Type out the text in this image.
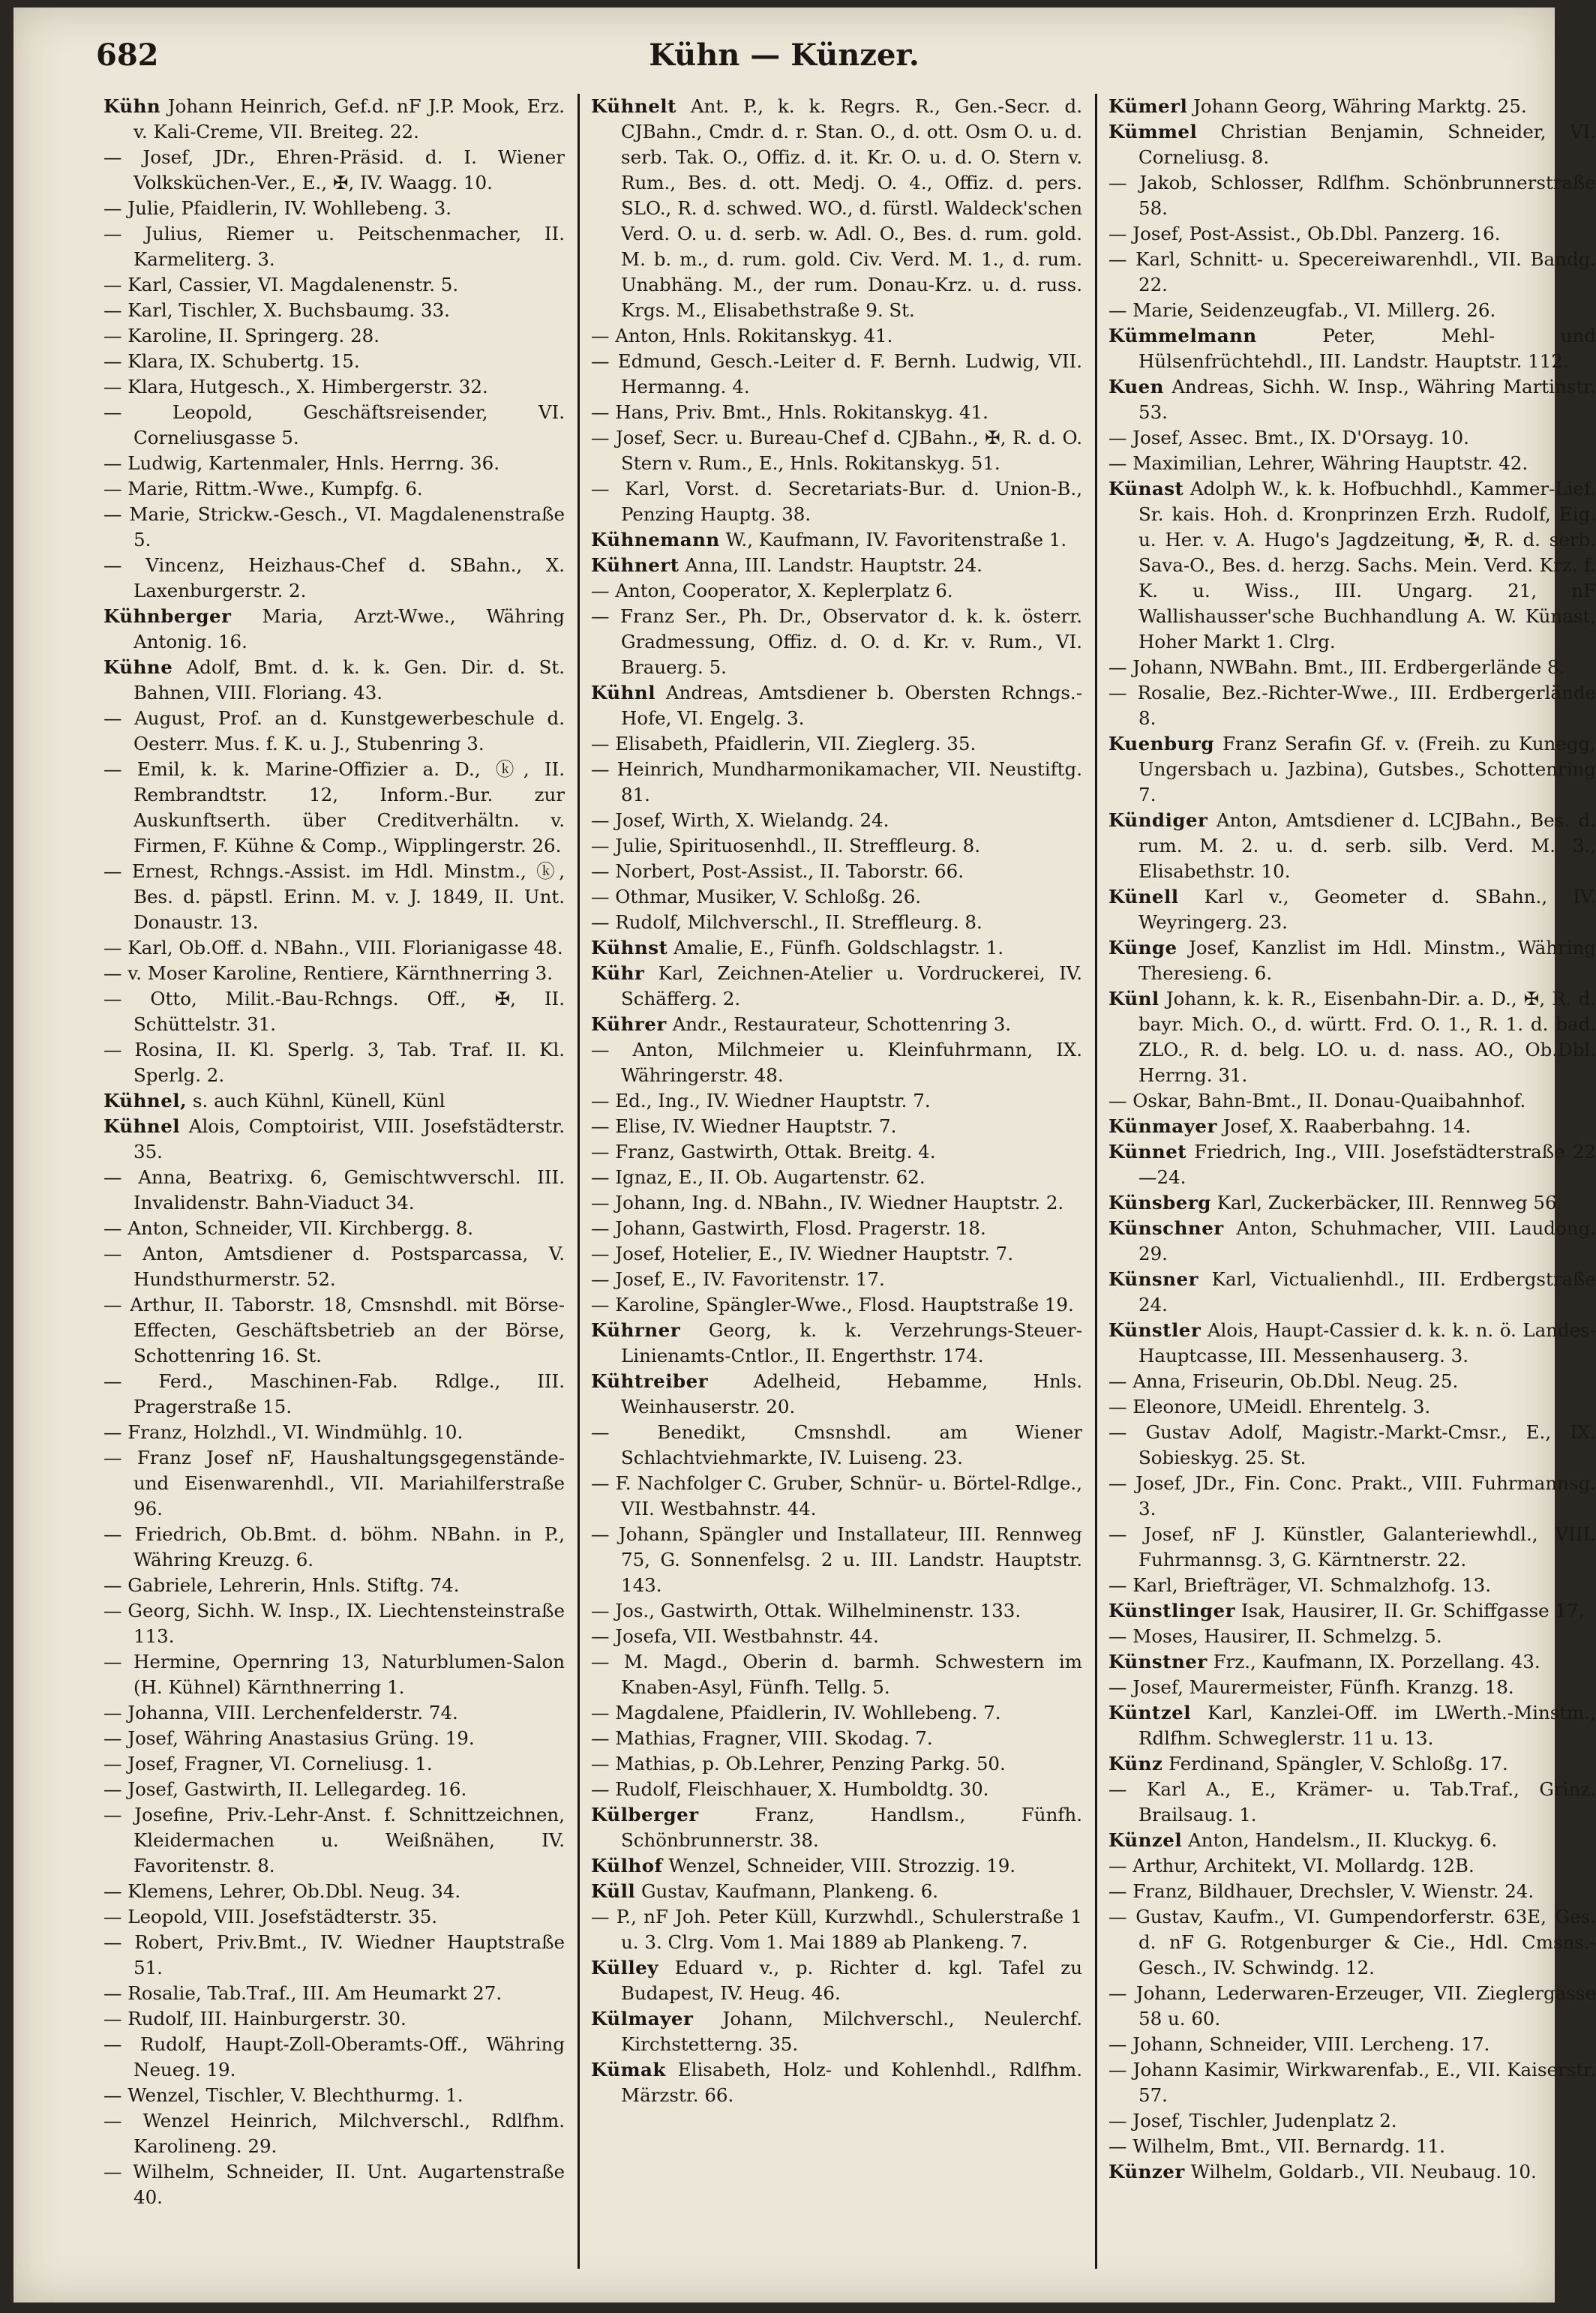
682	Kühn — Künzer.

Kühn Johann Heinrich, Gef.d. nF J.P. Mook, Erz. v. Kali-Creme, VII. Breiteg. 22.

— Josef, JDr., Ehren-Präsid. d. I. Wiener Volksküchen-Ver., E., ✠, IV. Waagg. 10.

— Julie, Pfaidlerin, IV. Wohllebeng. 3.

— Julius, Riemer u. Peitschenmacher, II. Karmeliterg. 3.

— Karl, Cassier, VI. Magdalenenstr. 5.

— Karl, Tischler, X. Buchsbaumg. 33.

— Karoline, II. Springerg. 28.

— Klara, IX. Schubertg. 15.

— Klara, Hutgesch., X. Himbergerstr. 32.

— Leopold, Geschäftsreisender, VI. Corneliusgasse 5.

— Ludwig, Kartenmaler, Hnls. Herrng. 36.

— Marie, Rittm.-Wwe., Kumpfg. 6.

— Marie, Strickw.-Gesch., VI. Magdalenenstraße 5.

— Vincenz, Heizhaus-Chef d. SBahn., X. Laxenburgerstr. 2.

Kühnberger Maria, Arzt-Wwe., Währing Antonig. 16.

Kühne Adolf, Bmt. d. k. k. Gen. Dir. d. St. Bahnen, VIII. Floriang. 43.

— August, Prof. an d. Kunstgewerbeschule d. Oesterr. Mus. f. K. u. J., Stubenring 3.

— Emil, k. k. Marine-Offizier a. D., ⓚ, II. Rembrandtstr. 12, Inform.-Bur. zur Auskunftserth. über Creditverhältn. v. Firmen, F. Kühne & Comp., Wipplingerstr. 26.

— Ernest, Rchngs.-Assist. im Hdl. Minstm., ⓚ, Bes. d. päpstl. Erinn. M. v. J. 1849, II. Unt. Donaustr. 13.

— Karl, Ob.Off. d. NBahn., VIII. Florianigasse 48.

— v. Moser Karoline, Rentiere, Kärnthnerring 3.

— Otto, Milit.-Bau-Rchngs. Off., ✠, II. Schüttelstr. 31.

— Rosina, II. Kl. Sperlg. 3, Tab. Traf. II. Kl. Sperlg. 2.

Kühnel, s. auch Kühnl, Künell, Künl

Kühnel Alois, Comptoirist, VIII. Josefstädterstr. 35.

— Anna, Beatrixg. 6, Gemischtwverschl. III. Invalidenstr. Bahn-Viaduct 34.

— Anton, Schneider, VII. Kirchbergg. 8.

— Anton, Amtsdiener d. Postsparcassa, V. Hundsthurmerstr. 52.

— Arthur, II. Taborstr. 18, Cmsnshdl. mit Börse-Effecten, Geschäftsbetrieb an der Börse, Schottenring 16. St.

— Ferd., Maschinen-Fab. Rdlge., III. Pragerstraße 15.

— Franz, Holzhdl., VI. Windmühlg. 10.

— Franz Josef nF, Haushaltungsgegenstände- und Eisenwarenhdl., VII. Mariahilferstraße 96.

— Friedrich, Ob.Bmt. d. böhm. NBahn. in P., Währing Kreuzg. 6.

— Gabriele, Lehrerin, Hnls. Stiftg. 74.

— Georg, Sichh. W. Insp., IX. Liechtensteinstraße 113.

— Hermine, Opernring 13, Naturblumen-Salon (H. Kühnel) Kärnthnerring 1.

— Johanna, VIII. Lerchenfelderstr. 74.

— Josef, Währing Anastasius Grüng. 19.

— Josef, Fragner, VI. Corneliusg. 1.

— Josef, Gastwirth, II. Lellegardeg. 16.

— Josefine, Priv.-Lehr-Anst. f. Schnittzeichnen, Kleidermachen u. Weißnähen, IV. Favoritenstr. 8.

— Klemens, Lehrer, Ob.Dbl. Neug. 34.

— Leopold, VIII. Josefstädterstr. 35.

— Robert, Priv.Bmt., IV. Wiedner Hauptstraße 51.

— Rosalie, Tab.Traf., III. Am Heumarkt 27.

— Rudolf, III. Hainburgerstr. 30.

— Rudolf, Haupt-Zoll-Oberamts-Off., Währing Neueg. 19.

— Wenzel, Tischler, V. Blechthurmg. 1.

— Wenzel Heinrich, Milchverschl., Rdlfhm. Karolineng. 29.

— Wilhelm, Schneider, II. Unt. Augartenstraße 40.

Kühnelt Ant. P., k. k. Regrs. R., Gen.-Secr. d. CJBahn., Cmdr. d. r. Stan. O., d. ott. Osm O. u. d. serb. Tak. O., Offiz. d. it. Kr. O. u. d. O. Stern v. Rum., Bes. d. ott. Medj. O. 4., Offiz. d. pers. SLO., R. d. schwed. WO., d. fürstl. Waldeck'schen Verd. O. u. d. serb. w. Adl. O., Bes. d. rum. gold. M. b. m., d. rum. gold. Civ. Verd. M. 1., d. rum. Unabhäng. M., der rum. Donau-Krz. u. d. russ. Krgs. M., Elisabethstraße 9. St.

— Anton, Hnls. Rokitanskyg. 41.

— Edmund, Gesch.-Leiter d. F. Bernh. Ludwig, VII. Hermanng. 4.

— Hans, Priv. Bmt., Hnls. Rokitanskyg. 41.

— Josef, Secr. u. Bureau-Chef d. CJBahn., ✠, R. d. O. Stern v. Rum., E., Hnls. Rokitanskyg. 51.

— Karl, Vorst. d. Secretariats-Bur. d. Union-B., Penzing Hauptg. 38.

Kühnemann W., Kaufmann, IV. Favoritenstraße 1.

Kühnert Anna, III. Landstr. Hauptstr. 24.

— Anton, Cooperator, X. Keplerplatz 6.

— Franz Ser., Ph. Dr., Observator d. k. k. österr. Gradmessung, Offiz. d. O. d. Kr. v. Rum., VI. Brauerg. 5.

Kühnl Andreas, Amtsdiener b. Obersten Rchngs.-Hofe, VI. Engelg. 3.

— Elisabeth, Pfaidlerin, VII. Zieglerg. 35.

— Heinrich, Mundharmonikamacher, VII. Neustiftg. 81.

— Josef, Wirth, X. Wielandg. 24.

— Julie, Spirituosenhdl., II. Streffleurg. 8.

— Norbert, Post-Assist., II. Taborstr. 66.

— Othmar, Musiker, V. Schloßg. 26.

— Rudolf, Milchverschl., II. Streffleurg. 8.

Kühnst Amalie, E., Fünfh. Goldschlagstr. 1.

Kühr Karl, Zeichnen-Atelier u. Vordruckerei, IV. Schäfferg. 2.

Kührer Andr., Restaurateur, Schottenring 3.

— Anton, Milchmeier u. Kleinfuhrmann, IX. Währingerstr. 48.

— Ed., Ing., IV. Wiedner Hauptstr. 7.

— Elise, IV. Wiedner Hauptstr. 7.

— Franz, Gastwirth, Ottak. Breitg. 4.

— Ignaz, E., II. Ob. Augartenstr. 62.

— Johann, Ing. d. NBahn., IV. Wiedner Hauptstr. 2.

— Johann, Gastwirth, Flosd. Pragerstr. 18.

— Josef, Hotelier, E., IV. Wiedner Hauptstr. 7.

— Josef, E., IV. Favoritenstr. 17.

— Karoline, Spängler-Wwe., Flosd. Hauptstraße 19.

Kührner Georg, k. k. Verzehrungs-Steuer-Linienamts-Cntlor., II. Engerthstr. 174.

Kühtreiber Adelheid, Hebamme, Hnls. Weinhauserstr. 20.

— Benedikt, Cmsnshdl. am Wiener Schlachtviehmarkte, IV. Luiseng. 23.

— F. Nachfolger C. Gruber, Schnür- u. Börtel-Rdlge., VII. Westbahnstr. 44.

— Johann, Spängler und Installateur, III. Rennweg 75, G. Sonnenfelsg. 2 u. III. Landstr. Hauptstr. 143.

— Jos., Gastwirth, Ottak. Wilhelminenstr. 133.

— Josefa, VII. Westbahnstr. 44.

— M. Magd., Oberin d. barmh. Schwestern im Knaben-Asyl, Fünfh. Tellg. 5.

— Magdalene, Pfaidlerin, IV. Wohllebeng. 7.

— Mathias, Fragner, VIII. Skodag. 7.

— Mathias, p. Ob.Lehrer, Penzing Parkg. 50.

— Rudolf, Fleischhauer, X. Humboldtg. 30.

Külberger	Franz, Handlsm., Fünfh. Schönbrunnerstr. 38.

Külhof Wenzel, Schneider, VIII. Strozzig. 19.

Küll Gustav, Kaufmann, Plankeng. 6.

— P., nF Joh. Peter Küll, Kurzwhdl., Schulerstraße 1 u. 3. Clrg. Vom 1. Mai 1889 ab Plankeng. 7.

Külley Eduard v., p. Richter d. kgl. Tafel zu Budapest, IV. Heug. 46.

Külmayer Johann, Milchverschl., Neulerchf. Kirchstetterng. 35.

Kümak Elisabeth, Holz- und Kohlenhdl., Rdlfhm. Märzstr. 66.

Kümerl Johann Georg, Währing Marktg. 25.

Kümmel Christian Benjamin, Schneider, VI. Corneliusg. 8.

— Jakob, Schlosser, Rdlfhm. Schönbrunnerstraße 58.

— Josef, Post-Assist., Ob.Dbl. Panzerg. 16.

— Karl, Schnitt- u. Specereiwarenhdl., VII. Bandg. 22.

— Marie, Seidenzeugfab., VI. Millerg. 26.

Kümmelmann	Peter, Mehl- und Hülsenfrüchtehdl., III. Landstr. Hauptstr. 112.

Kuen Andreas, Sichh. W. Insp., Währing Martinstr. 53.

— Josef, Assec. Bmt., IX. D'Orsayg. 10.

— Maximilian, Lehrer, Währing Hauptstr. 42.

Künast Adolph W., k. k. Hofbuchhdl., Kammer-Lief. Sr. kais. Hoh. d. Kronprinzen Erzh. Rudolf, Eig. u. Her. v. A. Hugo's Jagdzeitung, ✠, R. d. serb. Sava-O., Bes. d. herzg. Sachs. Mein. Verd. Krz. f. K. u. Wiss., III. Ungarg. 21, nF Wallishausser'sche Buchhandlung A. W. Künast, Hoher Markt 1. Clrg.

— Johann, NWBahn. Bmt., III. Erdbergerlände 8.

— Rosalie, Bez.-Richter-Wwe., III. Erdbergerlände 8.

Kuenburg Franz Serafin Gf. v. (Freih. zu Kunegg, Ungersbach u. Jazbina), Gutsbes., Schottenring 7.

Kündiger Anton, Amtsdiener d. LCJBahn., Bes. d. rum. M. 2. u. d. serb. silb. Verd. M. 3., Elisabethstr. 10.

Künell Karl v., Geometer d. SBahn., IV. Weyringerg. 23.

Künge Josef, Kanzlist im Hdl. Minstm., Währing Theresieng. 6.

Künl Johann, k. k. R., Eisenbahn-Dir. a. D., ✠, R. d. bayr. Mich. O., d. württ. Frd. O. 1., R. 1. d. bad. ZLO., R. d. belg. LO. u. d. nass. AO., Ob.Dbl. Herrng. 31.

— Oskar, Bahn-Bmt., II. Donau-Quaibahnhof.

Künmayer Josef, X. Raaberbahng. 14.

Künnet Friedrich, Ing., VIII. Josefstädterstraße 22—24.

Künsberg Karl, Zuckerbäcker, III. Rennweg 56.

Künschner Anton, Schuhmacher, VIII. Laudong. 29.

Künsner Karl, Victualienhdl., III. Erdbergstraße 24.

Künstler Alois, Haupt-Cassier d. k. k. n. ö. Landes-Hauptcasse, III. Messenhauserg. 3.

— Anna, Friseurin, Ob.Dbl. Neug. 25.

— Eleonore, UMeidl. Ehrentelg. 3.

— Gustav Adolf, Magistr.-Markt-Cmsr., E., IX. Sobieskyg. 25. St.

— Josef, JDr., Fin. Conc. Prakt., VIII. Fuhrmannsg. 3.

— Josef, nF J. Künstler, Galanteriewhdl., VIII. Fuhrmannsg. 3, G. Kärntnerstr. 22.

— Karl, Briefträger, VI. Schmalzhofg. 13.

Künstlinger Isak, Hausirer, II. Gr. Schiffgasse 17.

— Moses, Hausirer, II. Schmelzg. 5.

Künstner Frz., Kaufmann, IX. Porzellang. 43.

— Josef, Maurermeister, Fünfh. Kranzg. 18.

Küntzel Karl, Kanzlei-Off. im LWerth.-Minstm., Rdlfhm. Schweglerstr. 11 u. 13.

Künz Ferdinand, Spängler, V. Schloßg. 17.

— Karl A., E., Krämer- u. Tab.Traf., Grinz. Brailsaug. 1.

Künzel Anton, Handelsm., II. Kluckyg. 6.

— Arthur, Architekt, VI. Mollardg. 12B.

— Franz, Bildhauer, Drechsler, V. Wienstr. 24.

— Gustav, Kaufm., VI. Gumpendorferstr. 63E, Ges. d. nF G. Rotgenburger & Cie., Hdl. Cmsns.-Gesch., IV. Schwindg. 12.

— Johann, Lederwaren-Erzeuger, VII. Zieglergasse 58 u. 60.

— Johann, Schneider, VIII. Lercheng. 17.

— Johann Kasimir, Wirkwarenfab., E., VII. Kaiserstr. 57.

— Josef, Tischler, Judenplatz 2.

— Wilhelm, Bmt., VII. Bernardg. 11.

Künzer Wilhelm, Goldarb., VII. Neubaug. 10.
